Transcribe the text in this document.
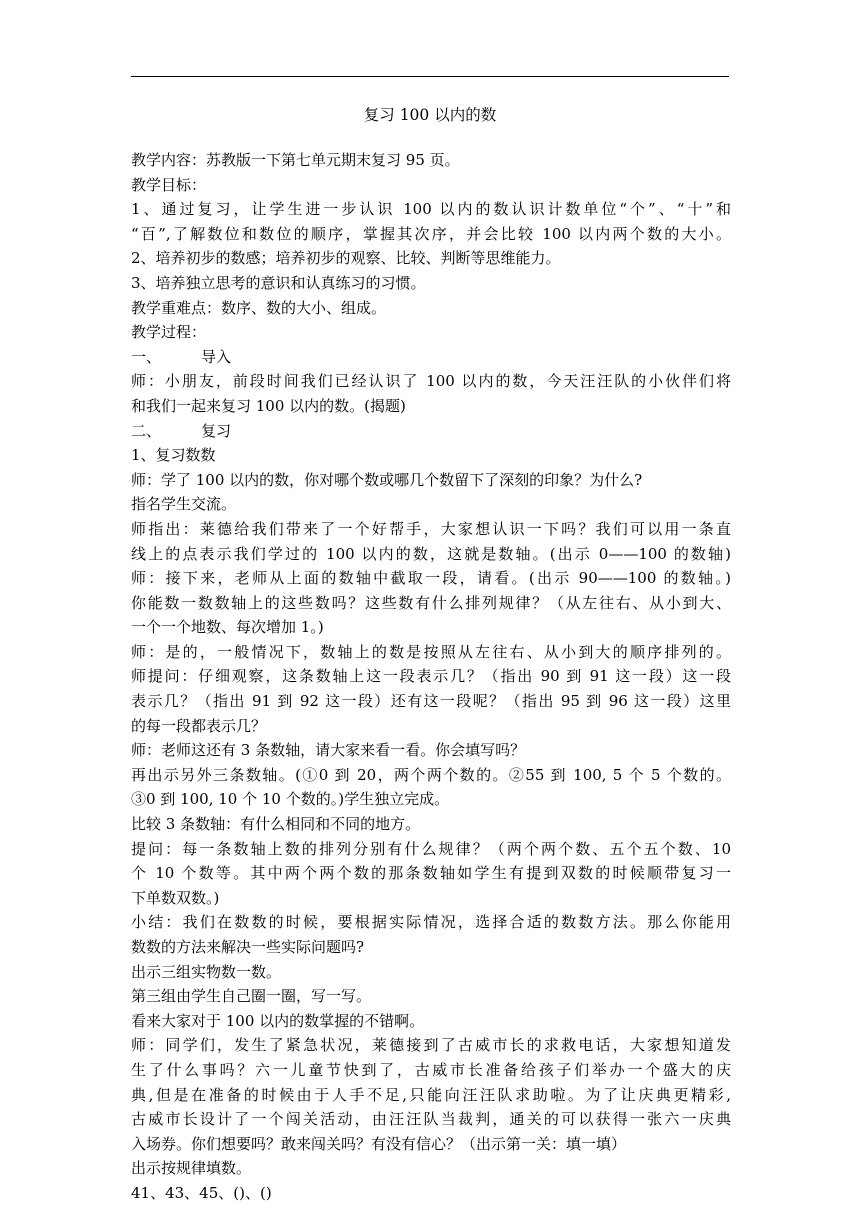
复习 100 以内的数
教学内容：苏教版一下第七单元期末复习 95 页。
教学目标：
1、通过复习，让学生进一步认识 100 以内的数认识计数单位“个”、“十”和
“百”,了解数位和数位的顺序，掌握其次序，并会比较 100 以内两个数的大小。
2、培养初步的数感；培养初步的观察、比较、判断等思维能力。
3、培养独立思考的意识和认真练习的习惯。
教学重难点：数序、数的大小、组成。
教学过程：
一、	导入
师：小朋友，前段时间我们已经认识了 100 以内的数，今天汪汪队的小伙伴们将
和我们一起来复习 100 以内的数。(揭题)
二、	复习
1、复习数数
师：学了 100 以内的数，你对哪个数或哪几个数留下了深刻的印象？为什么?
指名学生交流。
师指出：莱德给我们带来了一个好帮手，大家想认识一下吗？我们可以用一条直
线上的点表示我们学过的 100 以内的数，这就是数轴。(出示 0——100 的数轴)
师：接下来，老师从上面的数轴中截取一段，请看。(出示 90——100 的数轴。)
你能数一数数轴上的这些数吗？这些数有什么排列规律？（从左往右、从小到大、
一个一个地数、每次增加 1。)
师：是的，一般情况下，数轴上的数是按照从左往右、从小到大的顺序排列的。
师提问：仔细观察，这条数轴上这一段表示几？（指出 90 到 91 这一段）这一段
表示几？（指出 91 到 92 这一段）还有这一段呢？（指出 95 到 96 这一段）这里
的每一段都表示几？
师：老师这还有 3 条数轴，请大家来看一看。你会填写吗？
再出示另外三条数轴。(①0 到 20，两个两个数的。②55 到 100, 5 个 5 个数的。
③0 到 100, 10 个 10 个数的。)学生独立完成。
比较 3 条数轴：有什么相同和不同的地方。
提问：每一条数轴上数的排列分别有什么规律？（两个两个数、五个五个数、10
个 10 个数等。其中两个两个数的那条数轴如学生有提到双数的时候顺带复习一
下单数双数。)
小结：我们在数数的时候，要根据实际情况，选择合适的数数方法。那么你能用
数数的方法来解决一些实际问题吗?
出示三组实物数一数。
第三组由学生自己圈一圈，写一写。
看来大家对于 100 以内的数掌握的不错啊。
师：同学们，发生了紧急状况，莱德接到了古威市长的求救电话，大家想知道发
生了什么事吗？六一儿童节快到了，古威市长准备给孩子们举办一个盛大的庆
典,但是在准备的时候由于人手不足,只能向汪汪队求助啦。为了让庆典更精彩,
古威市长设计了一个闯关活动，由汪汪队当裁判，通关的可以获得一张六一庆典
入场券。你们想要吗？敢来闯关吗？有没有信心？（出示第一关：填一填）
出示按规律填数。
41、43、45、()、()
